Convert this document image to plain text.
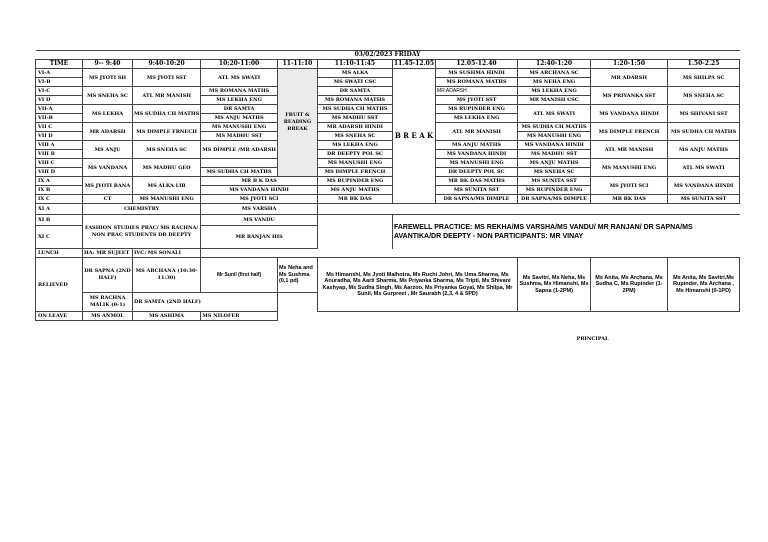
03/02/2023 FRIDAY										
TIME	9-- 9:40	9:40-10:20	10:20-11:00	11-11:10	11:10-11:45	11.45-12.05	12.05-12.40	12:40-1:20	1:20-1:50	1.50-2.25
VI-A	MS JYOTI SH	MS JYOTI SST	ATL MS SWATI	FRUIT & READING BREAK	MS ALKA	B R E A K	MS SUSHMA HINDI	MS ARCHANA SC	MR ADARSH	MS SHILPA SC
VI-B					MS SWATI CSC		MS ROMANA MATHS	MS NEHA ENG		
VI-C	MS SNEHA SC	ATL MR MANISH	MS ROMANA MATHS		DR SAMTA		MR ADARSH	MS LEKHA ENG	MS PRIYANKA SST	MS SNEHA SC
VI D			MS LEKHA ENG		MS ROMANA MATHS		MS JYOTI SST	MR MANISH CSC		
VII-A	MS LEKHA	MS SUDHA CH MATHS	DR SAMTA		MS SUDHA CH MATHS		MS RUPINDER ENG	ATL MS SWATI	MS VANDANA HINDI	MS SHIVANI SST
VII-B			MS ANJU MATHS		MS MADHU SST		MS LEKHA ENG			
VII C	MR ADARSH	MS DIMPLE FRNECH	MS MANUSHI ENG		MR ADARSH HINDI		ATL MR MANISH	MS SUDHA CH MATHS	MS DIMPLE FRENCH	MS SUDHA CH MATHS
VII D			MS MADHU SST		MS SNEHA SC			MS MANUSHI ENG		
VIII A	MS ANJU	MS SNEHA SC	MS DIMPLE /MR ADARSH		MS LEKHA ENG		MS ANJU MATHS	MS VANDANA HINDI	ATL MR MANISH	MS ANJU MATHS
VIII B					DR DEEPTY POL SC		MS VANDANA HINDI	MS MADHU SST		
VIII C	MS VANDANA	MS MADHU GEO			MS MANUSHI ENG		MS MANUSHI ENG	MS ANJU MATHS	MS MANUSHI ENG	ATL MS SWATI
VIII D			MS SUDHA CH MATHS		MS DIMPLE FRENCH		DR DEEPTY POL SC	MS SNEHA SC		
IX A	MS JYOTI RANA	MS ALKA LIB	MR B K DAS		MS RUPINDER ENG		MR BK DAS MATHS	MS SUNITA SST	MS JYOTI SCI	MS VANDANA HINDI
IX B			MS VANDANA HINDI		MS ANJU MATHS		MS SUNITA SST	MS RUPINDER ENG		
IX C	CT	MS MANUSHI ENG	MS JYOTI SCI		MR BK DAS		DR SAPNA/MS DIMPLE	DR SAPNA/MS DIMPLE	MR BK DAS	MS SUNITA SST
XI A	CHEMISTRY		MS VARSHA							
XI B	FASHION STUDIES PRAC/ MS RACHNA/ NON PRAC STUDENTS DR DEEPTY		MS VANDU			FAREWELL PRACTICE: MS REKHA/MS VARSHA/MS VANDU/ MR RANJAN/ DR SAPNA/MS AVANTIKA/DR DEEPTY - NON PARTICIPANTS: MR VINAY				
XI C			MR RANJAN HIS							
LUNCH	HA: MR SUJEET	IVC: MS SONALI								
RELIEVED	DR SAPNA (2ND HALF)	MS ARCHANA (10:30-11:30)	Mr Sunil (first half)	Ms Neha and Ms Sushma (0,1 pd)	Ms Himanshi, Ms Jyoti Malhotra, Ms Ruchi Johri, Ms Uma Sharma, Ms Anuradha, Ms Aarti Sharma, Ms Priyanka Sharma, Ms Tripti, Ms Shivani Kashyap, Ms Sudha Singh, Ms Aarzoo, Ms Priyanka Goyal, Ms Shilpa, Mr Sunil, Ms Gurpreet , Mr Saurabh (2,3, 4 & 5PD)			Ms Savitri, Ms Neha, Ms Sushma, Ms Himanshi, Ms Sapna (1-2PM)	Ms Anita, Ms Archana, Ms Sudha C, Ms Rupinder (1-2PM)	Ms Anita, Ms Savitri,Ms Rupinder, Ms Archana , Ms Himanshi (0-1PD)
	MS RACHNA MALIK (0-1)	DR SAMTA (2ND HALF)								
ON LEAVE	MS ANMOL	MS ASHIMA	MS NILOFER							

								PRINCIPAL		
